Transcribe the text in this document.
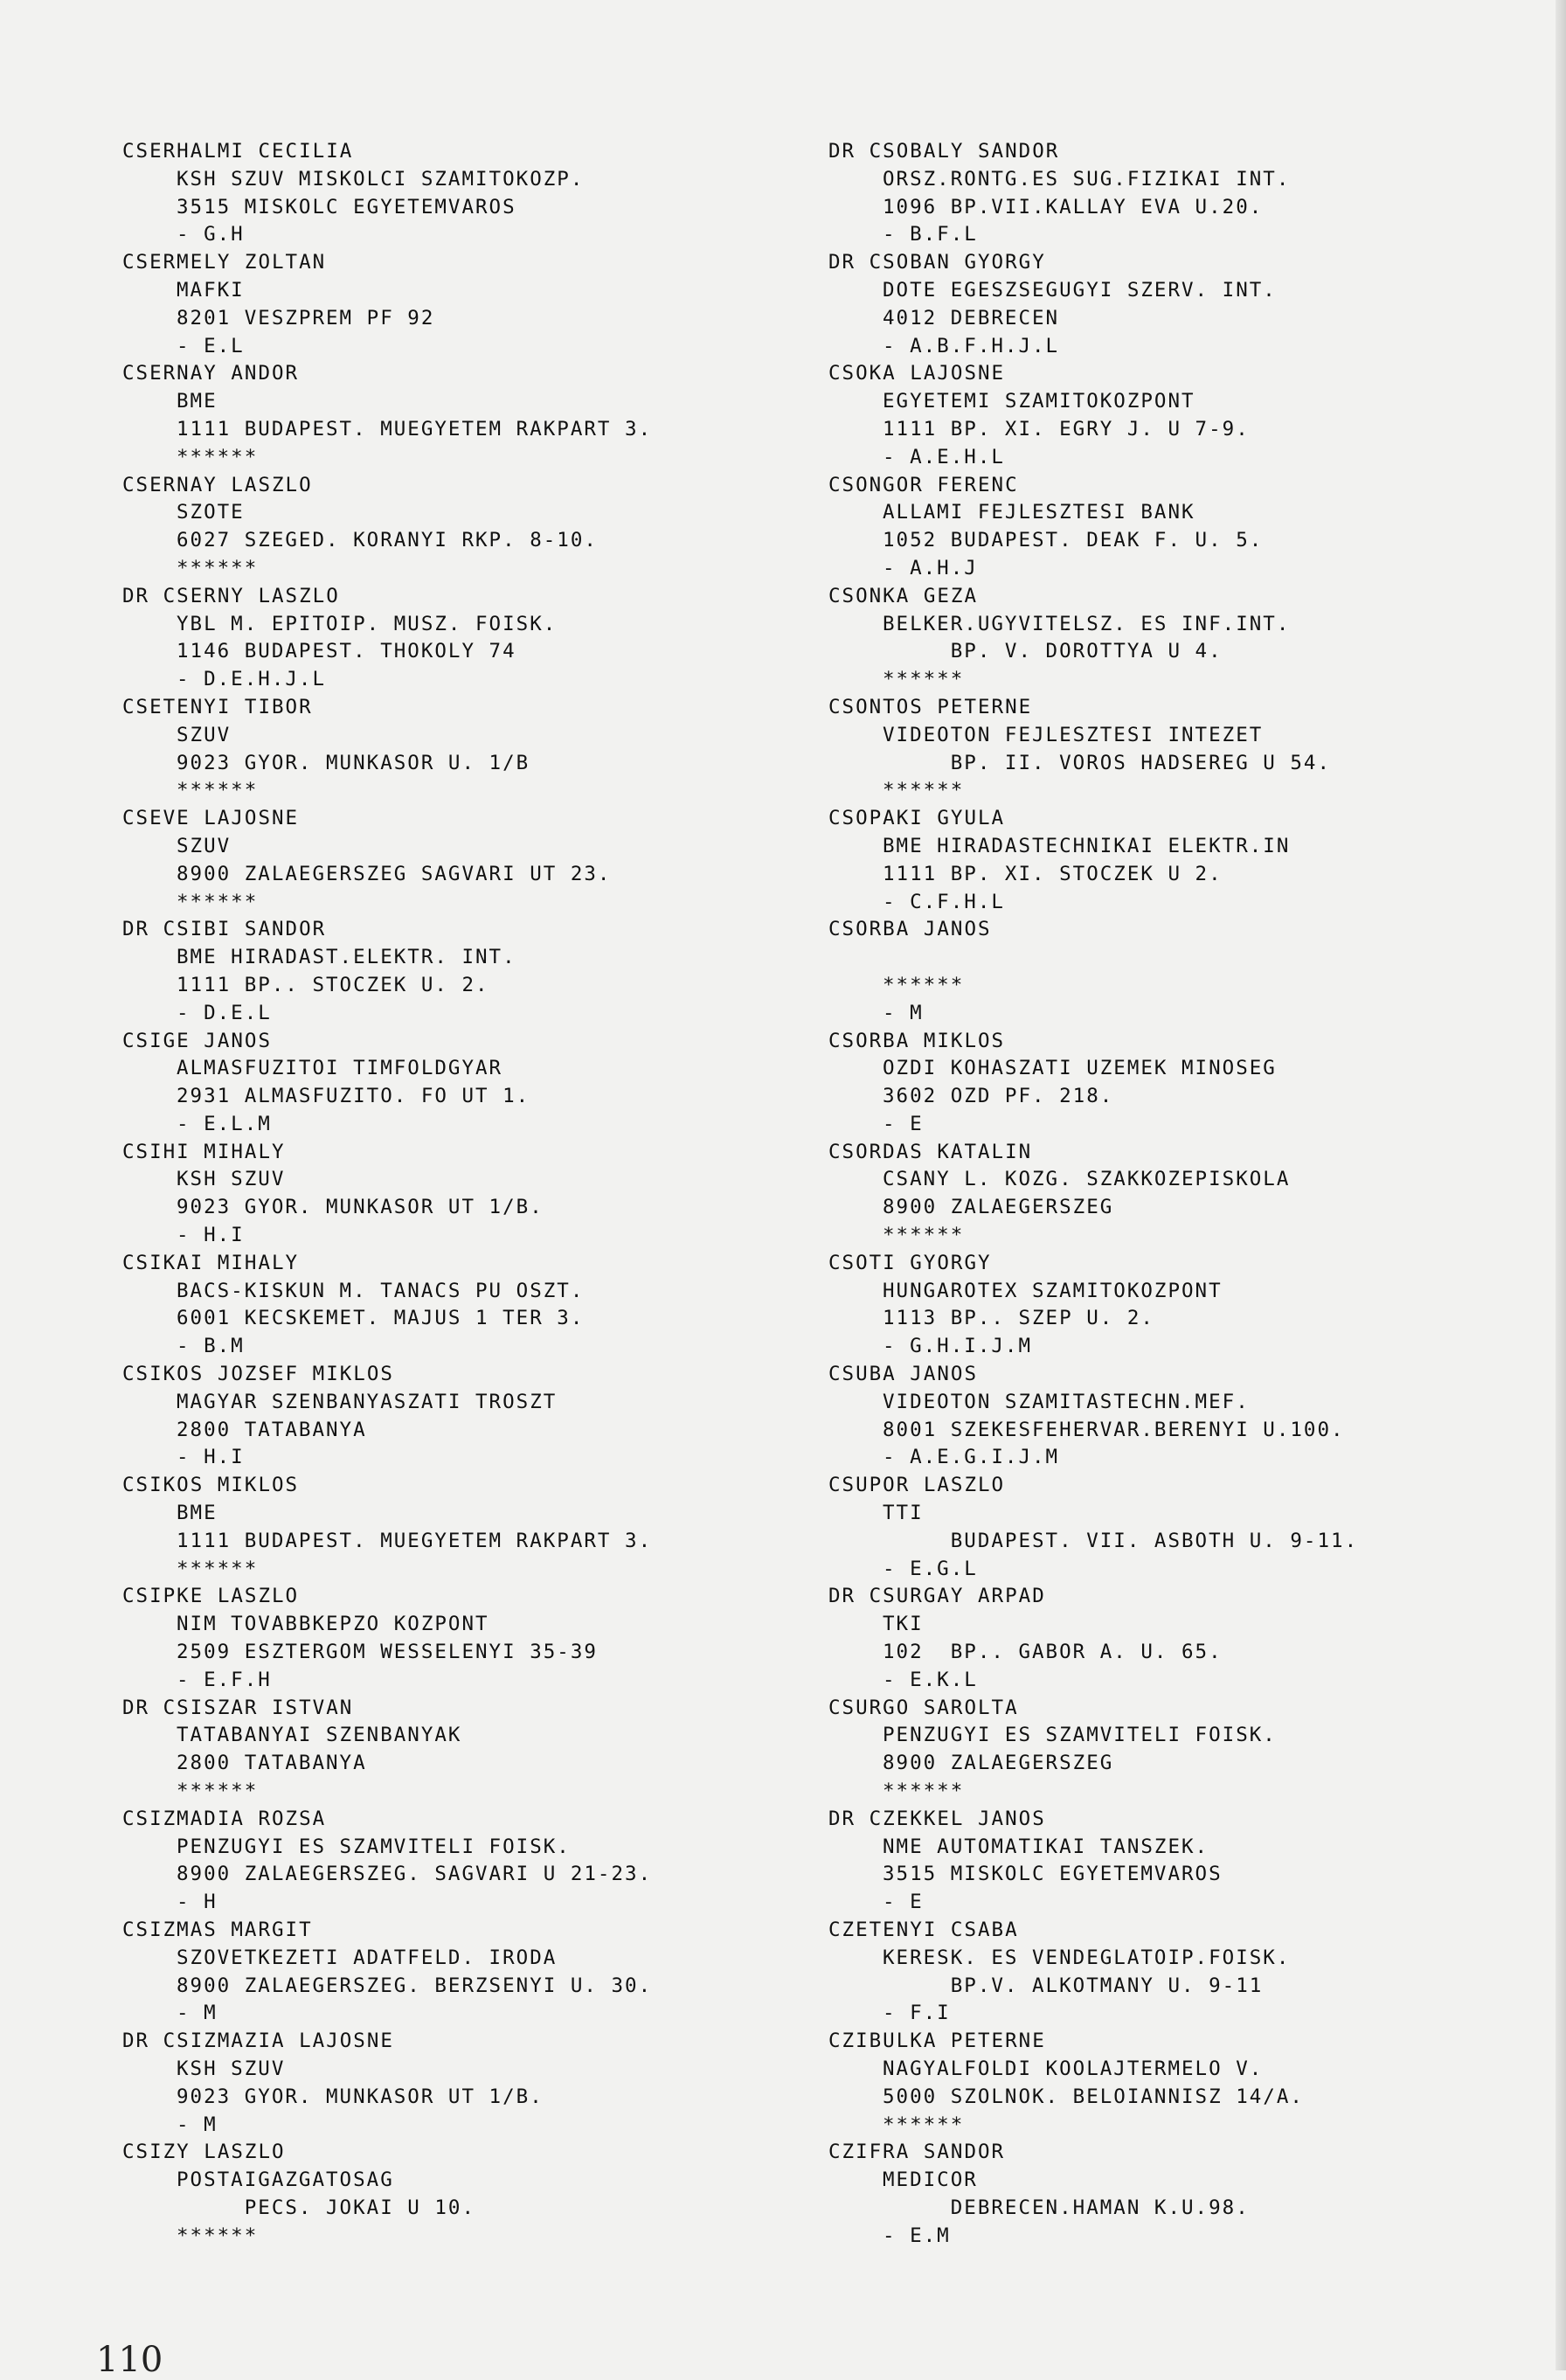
CSERHALMI CECILIA
KSH SZUV MISKOLCI SZAMITOKOZP.
3515 MISKOLC EGYETEMVAROS
- G.H
CSERMELY ZOLTAN
MAFKI
8201 VESZPREM PF 92
- E.L
CSERNAY ANDOR
BME
1111 BUDAPEST. MUEGYETEM RAKPART 3.
******
CSERNAY LASZLO
SZOTE
6027 SZEGED. KORANYI RKP. 8-10.
******
DR CSERNY LASZLO
YBL M. EPITOIP. MUSZ. FOISK.
1146 BUDAPEST. THOKOLY 74
- D.E.H.J.L
CSETENYI TIBOR
SZUV
9023 GYOR. MUNKASOR U. 1/B
******
CSEVE LAJOSNE
SZUV
8900 ZALAEGERSZEG SAGVARI UT 23.
******
DR CSIBI SANDOR
BME HIRADAST.ELEKTR. INT.
1111 BP.. STOCZEK U. 2.
- D.E.L
CSIGE JANOS
ALMASFUZITOI TIMFOLDGYAR
2931 ALMASFUZITO. FO UT 1.
- E.L.M
CSIHI MIHALY
KSH SZUV
9023 GYOR. MUNKASOR UT 1/B.
- H.I
CSIKAI MIHALY
BACS-KISKUN M. TANACS PU OSZT.
6001 KECSKEMET. MAJUS 1 TER 3.
- B.M
CSIKOS JOZSEF MIKLOS
MAGYAR SZENBANYASZATI TROSZT
2800 TATABANYA
- H.I
CSIKOS MIKLOS
BME
1111 BUDAPEST. MUEGYETEM RAKPART 3.
******
CSIPKE LASZLO
NIM TOVABBKEPZO KOZPONT
2509 ESZTERGOM WESSELENYI 35-39
- E.F.H
DR CSISZAR ISTVAN
TATABANYAI SZENBANYAK
2800 TATABANYA
******
CSIZMADIA ROZSA
PENZUGYI ES SZAMVITELI FOISK.
8900 ZALAEGERSZEG. SAGVARI U 21-23.
- H
CSIZMAS MARGIT
SZOVETKEZETI ADATFELD. IRODA
8900 ZALAEGERSZEG. BERZSENYI U. 30.
- M
DR CSIZMAZIA LAJOSNE
KSH SZUV
9023 GYOR. MUNKASOR UT 1/B.
- M
CSIZY LASZLO
POSTAIGAZGATOSAG
PECS. JOKAI U 10.
******
DR CSOBALY SANDOR
ORSZ.RONTG.ES SUG.FIZIKAI INT.
1096 BP.VII.KALLAY EVA U.20.
- B.F.L
DR CSOBAN GYORGY
DOTE EGESZSEGUGYI SZERV. INT.
4012 DEBRECEN
- A.B.F.H.J.L
CSOKA LAJOSNE
EGYETEMI SZAMITOKOZPONT
1111 BP. XI. EGRY J. U 7-9.
- A.E.H.L
CSONGOR FERENC
ALLAMI FEJLESZTESI BANK
1052 BUDAPEST. DEAK F. U. 5.
- A.H.J
CSONKA GEZA
BELKER.UGYVITELSZ. ES INF.INT.
BP. V. DOROTTYA U 4.
******
CSONTOS PETERNE
VIDEOTON FEJLESZTESI INTEZET
BP. II. VOROS HADSEREG U 54.
******
CSOPAKI GYULA
BME HIRADASTECHNIKAI ELEKTR.IN
1111 BP. XI. STOCZEK U 2.
- C.F.H.L
CSORBA JANOS
******
- M
CSORBA MIKLOS
OZDI KOHASZATI UZEMEK MINOSEG
3602 OZD PF. 218.
- E
CSORDAS KATALIN
CSANY L. KOZG. SZAKKOZEPISKOLA
8900 ZALAEGERSZEG
******
CSOTI GYORGY
HUNGAROTEX SZAMITOKOZPONT
1113 BP.. SZEP U. 2.
- G.H.I.J.M
CSUBA JANOS
VIDEOTON SZAMITASTECHN.MEF.
8001 SZEKESFEHERVAR.BERENYI U.100.
- A.E.G.I.J.M
CSUPOR LASZLO
TTI
BUDAPEST. VII. ASBOTH U. 9-11.
- E.G.L
DR CSURGAY ARPAD
TKI
102  BP.. GABOR A. U. 65.
- E.K.L
CSURGO SAROLTA
PENZUGYI ES SZAMVITELI FOISK.
8900 ZALAEGERSZEG
******
DR CZEKKEL JANOS
NME AUTOMATIKAI TANSZEK.
3515 MISKOLC EGYETEMVAROS
- E
CZETENYI CSABA
KERESK. ES VENDEGLATOIP.FOISK.
BP.V. ALKOTMANY U. 9-11
- F.I
CZIBULKA PETERNE
NAGYALFOLDI KOOLAJTERMELO V.
5000 SZOLNOK. BELOIANNISZ 14/A.
******
CZIFRA SANDOR
MEDICOR
DEBRECEN.HAMAN K.U.98.
- E.M
110
